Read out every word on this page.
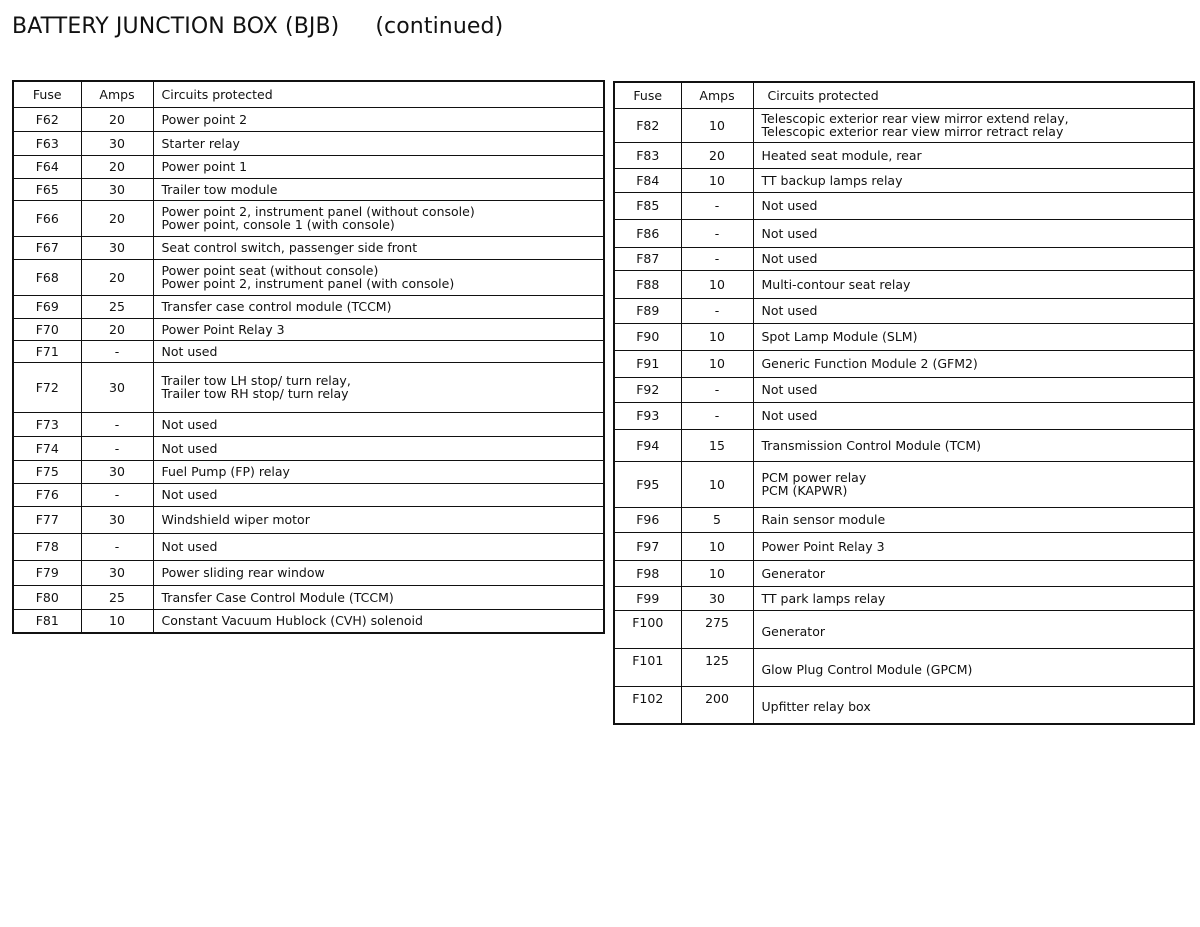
BATTERY JUNCTION BOX (BJB) (continued)
Fuse	Amps	Circuits protected
F62	20	Power point 2

F63	30	Starter relay

F64	20	Power point 1

F65	30	Trailer tow module

F66	20	Power point 2, instrument panel (without console)
Power point, console 1 (with console)

F67	30	Seat control switch, passenger side front

F68	20	Power point seat (without console)
Power point 2, instrument panel (with console)

F69	25	Transfer case control module (TCCM)

F70	20	Power Point Relay 3

F71	-	Not used

F72	30	Trailer tow LH stop/ turn relay,
Trailer tow RH stop/ turn relay

F73	-	Not used

F74	-	Not used

F75	30	Fuel Pump (FP) relay

F76	-	Not used

F77	30	Windshield wiper motor

F78	-	Not used

F79	30	Power sliding rear window

F80	25	Transfer Case Control Module (TCCM)

F81	10	Constant Vacuum Hublock (CVH) solenoid
Fuse	Amps	Circuits protected
F82	10	Telescopic exterior rear view mirror extend relay,
Telescopic exterior rear view mirror retract relay

F83	20	Heated seat module, rear

F84	10	TT backup lamps relay

F85	-	Not used

F86	-	Not used

F87	-	Not used

F88	10	Multi-contour seat relay

F89	-	Not used

F90	10	Spot Lamp Module (SLM)

F91	10	Generic Function Module 2 (GFM2)

F92	-	Not used

F93	-	Not used

F94	15	Transmission Control Module (TCM)

F95	10	PCM power relay
PCM (KAPWR)

F96	5	Rain sensor module

F97	10	Power Point Relay 3

F98	10	Generator

F99	30	TT park lamps relay

F100	275	Generator

F101	125	Glow Plug Control Module (GPCM)

F102	200	Upfitter relay box
